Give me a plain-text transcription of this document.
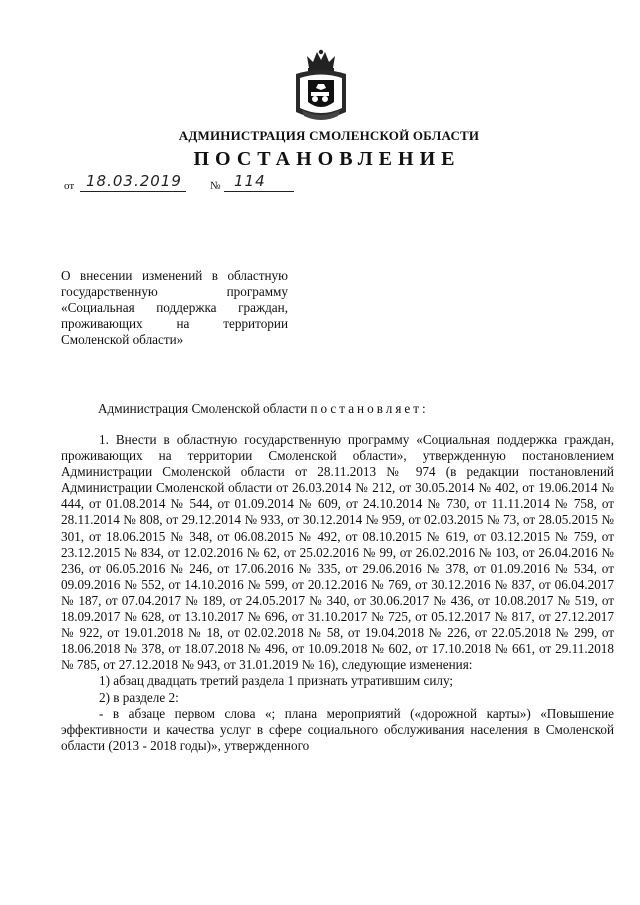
АДМИНИСТРАЦИЯ СМОЛЕНСКОЙ ОБЛАСТИ
ПОСТАНОВЛЕНИЕ
от 18.03.2019	№ 114
О внесении изменений в областную государственную программу «Социальная поддержка граждан, проживающих на территории Смоленской области»
Администрация Смоленской области постановляет:

1. Внести в областную государственную программу «Социальная поддержка граждан, проживающих на территории Смоленской области», утвержденную постановлением Администрации Смоленской области от 28.11.2013 № 974 (в редакции постановлений Администрации Смоленской области от 26.03.2014 № 212, от 30.05.2014 № 402, от 19.06.2014 № 444, от 01.08.2014 № 544, от 01.09.2014 № 609, от 24.10.2014 № 730, от 11.11.2014 № 758, от 28.11.2014 № 808, от 29.12.2014 № 933, от 30.12.2014 № 959, от 02.03.2015 № 73, от 28.05.2015 № 301, от 18.06.2015 № 348, от 06.08.2015 № 492, от 08.10.2015 № 619, от 03.12.2015 № 759, от 23.12.2015 № 834, от 12.02.2016 № 62, от 25.02.2016 № 99, от 26.02.2016 № 103, от 26.04.2016 № 236, от 06.05.2016 № 246, от 17.06.2016 № 335, от 29.06.2016 № 378, от 01.09.2016 № 534, от 09.09.2016 № 552, от 14.10.2016 № 599, от 20.12.2016 № 769, от 30.12.2016 № 837, от 06.04.2017 № 187, от 07.04.2017 № 189, от 24.05.2017 № 340, от 30.06.2017 № 436, от 10.08.2017 № 519, от 18.09.2017 № 628, от 13.10.2017 № 696, от 31.10.2017 № 725, от 05.12.2017 № 817, от 27.12.2017 № 922, от 19.01.2018 № 18, от 02.02.2018 № 58, от 19.04.2018 № 226, от 22.05.2018 № 299, от 18.06.2018 № 378, от 18.07.2018 № 496, от 10.09.2018 № 602, от 17.10.2018 № 661, от 29.11.2018 № 785, от 27.12.2018 № 943, от 31.01.2019 № 16), следующие изменения:

1) абзац двадцать третий раздела 1 признать утратившим силу;

2) в разделе 2:

- в абзаце первом слова «; плана мероприятий («дорожной карты») «Повышение эффективности и качества услуг в сфере социального обслуживания населения в Смоленской области (2013 - 2018 годы)», утвержденного
